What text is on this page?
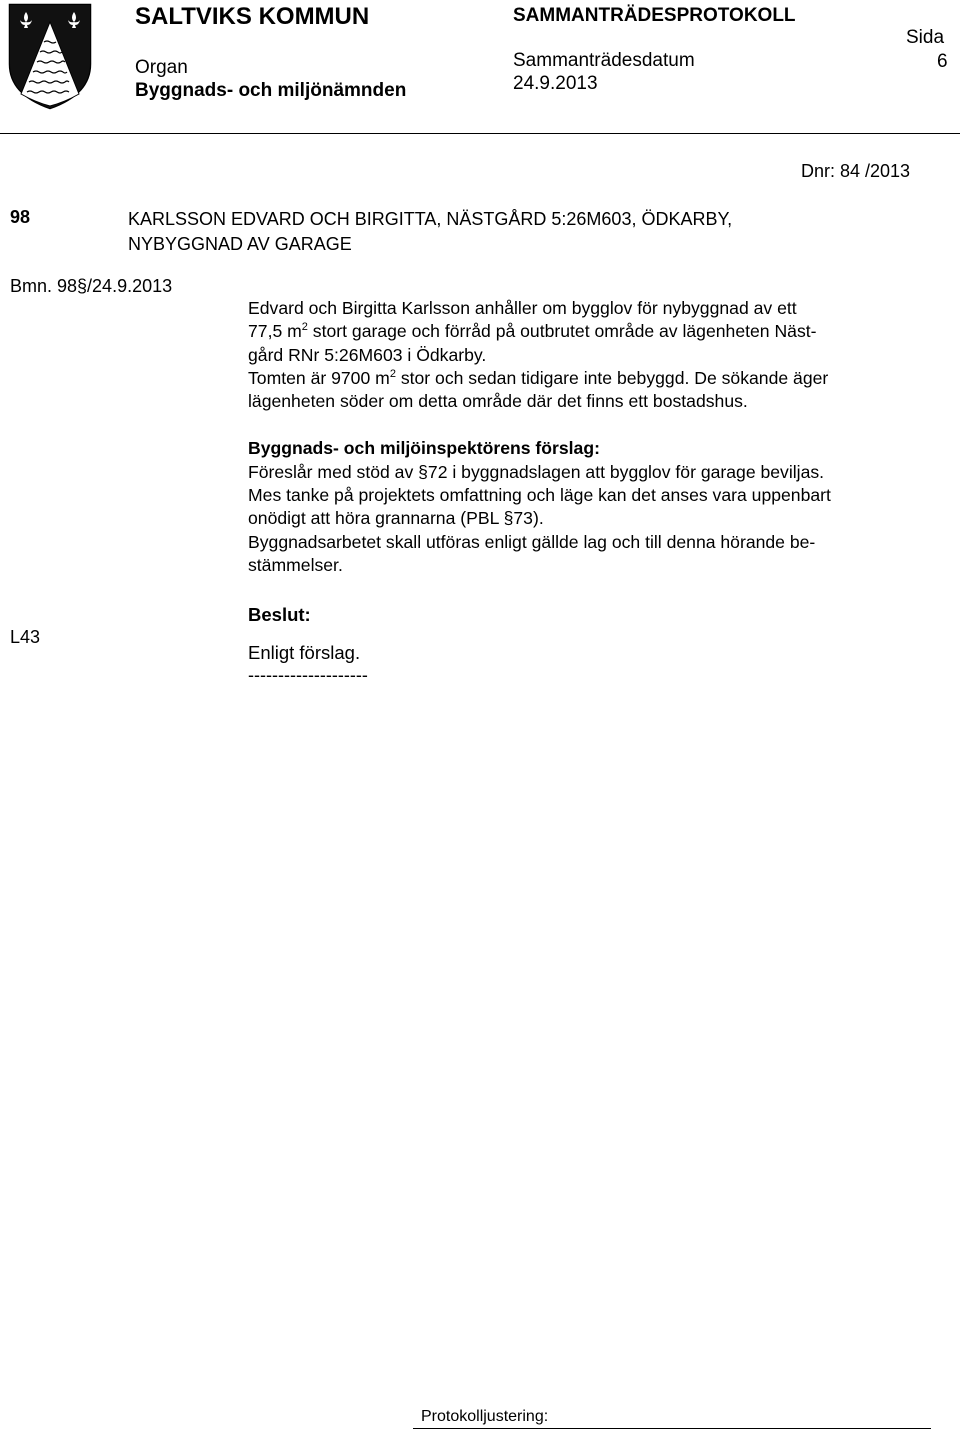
SALTVIKS KOMMUN	SAMMANTRÄDESPROTOKOLL
Sida
6
Organ
Byggnads- och miljönämnden
Sammanträdesdatum
24.9.2013
Dnr: 84 /2013
98	KARLSSON EDVARD OCH BIRGITTA, NÄSTGÅRD 5:26M603, ÖDKARBY,
NYBYGGNAD AV GARAGE
Bmn. 98§/24.9.2013
L43

Edvard och Birgitta Karlsson anhåller om bygglov för nybyggnad av ett

77,5 $m^2$ stort garage och förråd på outbrutet område av lägenheten Näst-

gård RNr 5:26M603 i Ödkarby.

Tomten är 9700 $m^2$ stor och sedan tidigare inte bebyggd. De sökande äger

lägenheten söder om detta område där det finns ett bostadshus.

Byggnads- och miljöinspektörens förslag:

Föreslår med stöd av §72 i byggnadslagen att bygglov för garage beviljas.

Mes tanke på projektets omfattning och läge kan det anses vara uppenbart

onödigt att höra grannarna (PBL §73).

Byggnadsarbetet skall utföras enligt gällde lag och till denna hörande be-

stämmelser.

Beslut:

Enligt förslag.

--------------------

Protokolljustering:
